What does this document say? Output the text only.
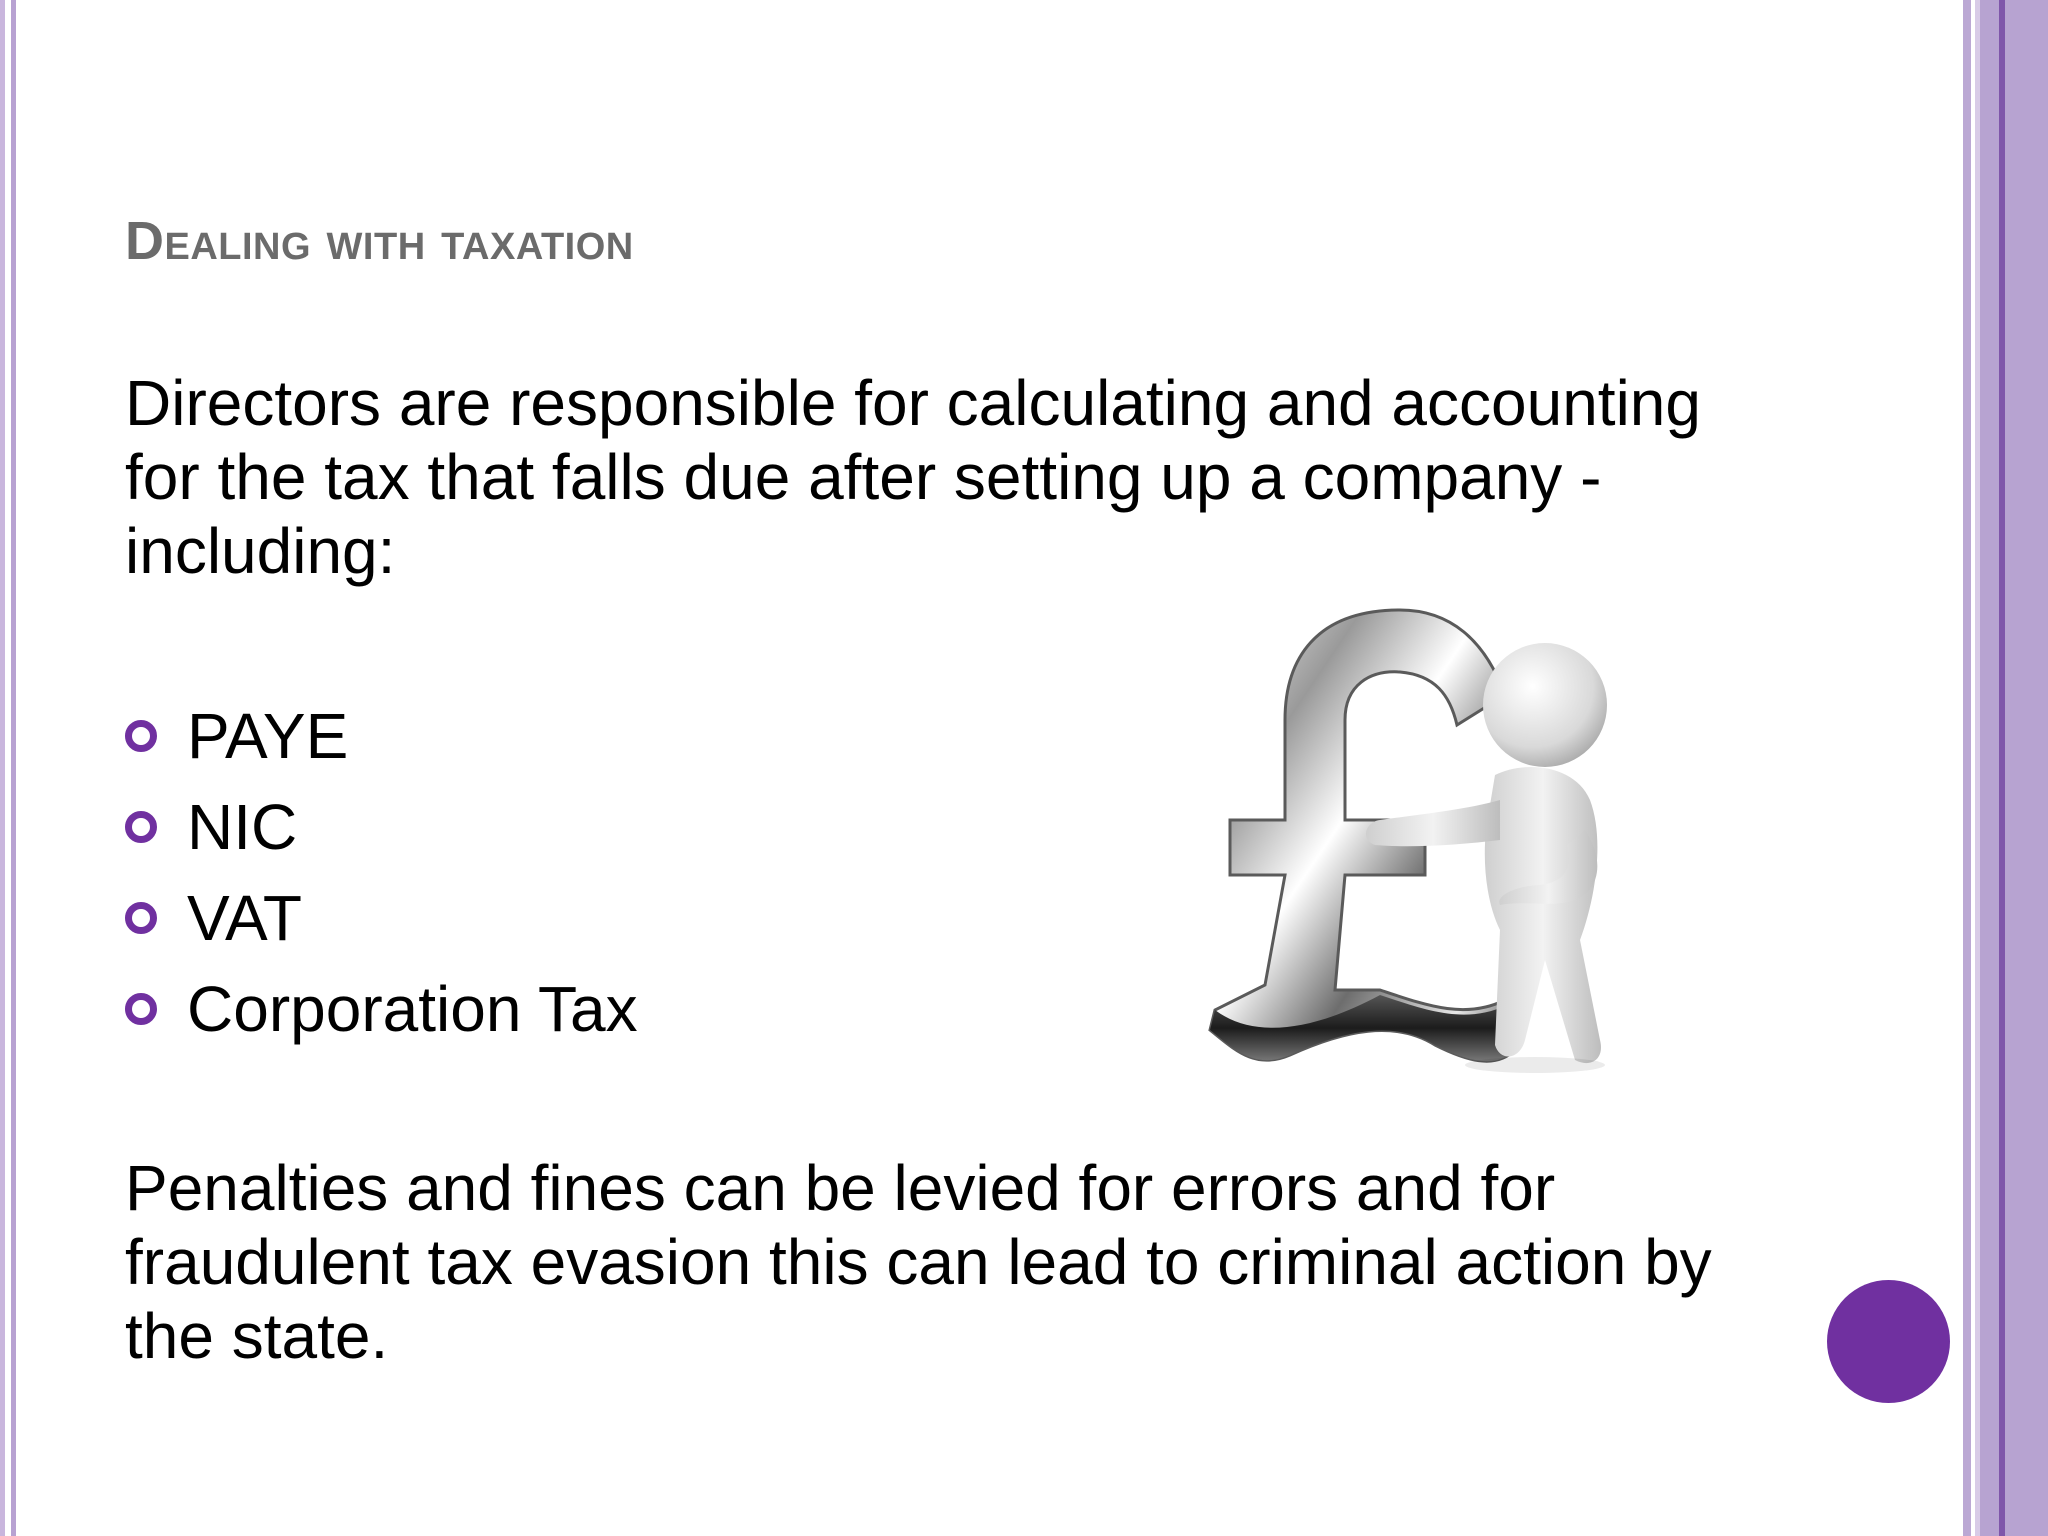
Dealing with taxation

Directors are responsible for calculating and accounting for the tax that falls due after setting up a company - including:

PAYE
NIC
VAT
Corporation Tax

Penalties and fines can be levied for errors and for fraudulent tax evasion this can lead to criminal action by the state.
